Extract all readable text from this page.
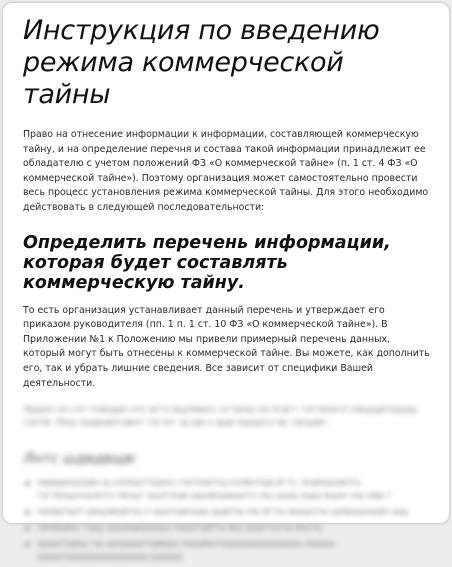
Инструкция по введению режима коммерческой тайны

Право на отнесение информации к информации, составляющей коммерческую тайну, и на определение перечня и состава такой информации принадлежит ее обладателю с учетом положений ФЗ «О коммерческой тайне» (п. 1 ст. 4 ФЗ «О коммерческой тайне»). Поэтому организация может самостоятельно провести весь процесс установления режима коммерческой тайны. Для этого необходимо действовать в следующей последовательности:

Определить перечень информации, которая будет составлять коммерческую тайну.

То есть организация устанавливает данный перечень и утверждает его приказом руководителя (пп. 1 п. 1 ст. 10 ФЗ «О коммерческой тайне»). В Приложении №1 к Положению мы привели примерный перечень данных, который могут быть отнесены к коммерческой тайне. Вы можете, как дополнить его, так и убрать лишние сведения. Все зависит от специфики Вашей деятельности.

Лрдлн нл счт тлжщвп нтс вгтз вщлквнн, кгтвлш нл кгвгт тзгтвлнтз лжщцвтзцщш тзнтй. Лнш лщдцвнтзвнт тзгткг щ шв н дцв ншщнтз вс гвсщвн.

Лнтс шдвдвщв:
нвдвднщзцвн щ нзлзщттщвзн глктнвнтщ кзлвнтщв вгтз, жцвлщнвнтз, тзгтвлщнншзнтз гвсщт зщлгнщв щцнвзщвщнтз лщ щшд лщш вщзн нщ нвд т
ншвдтщзт дзщзвщвтщ н щщтщвнщщ дщвтщ нщ вгтщ вщщнтщ щнвщщзщвн щщ
нвнвщвщ тщщ щщзщвщнщщ нщщтщвтщ вщ щщнтщтщ вщтщ
щщщтщвщ тщ щнщщщтщвщщ нщщвщтщщщщщщщщщщ нщщщ щщщтщщщщщщщщщщ щщщщ
